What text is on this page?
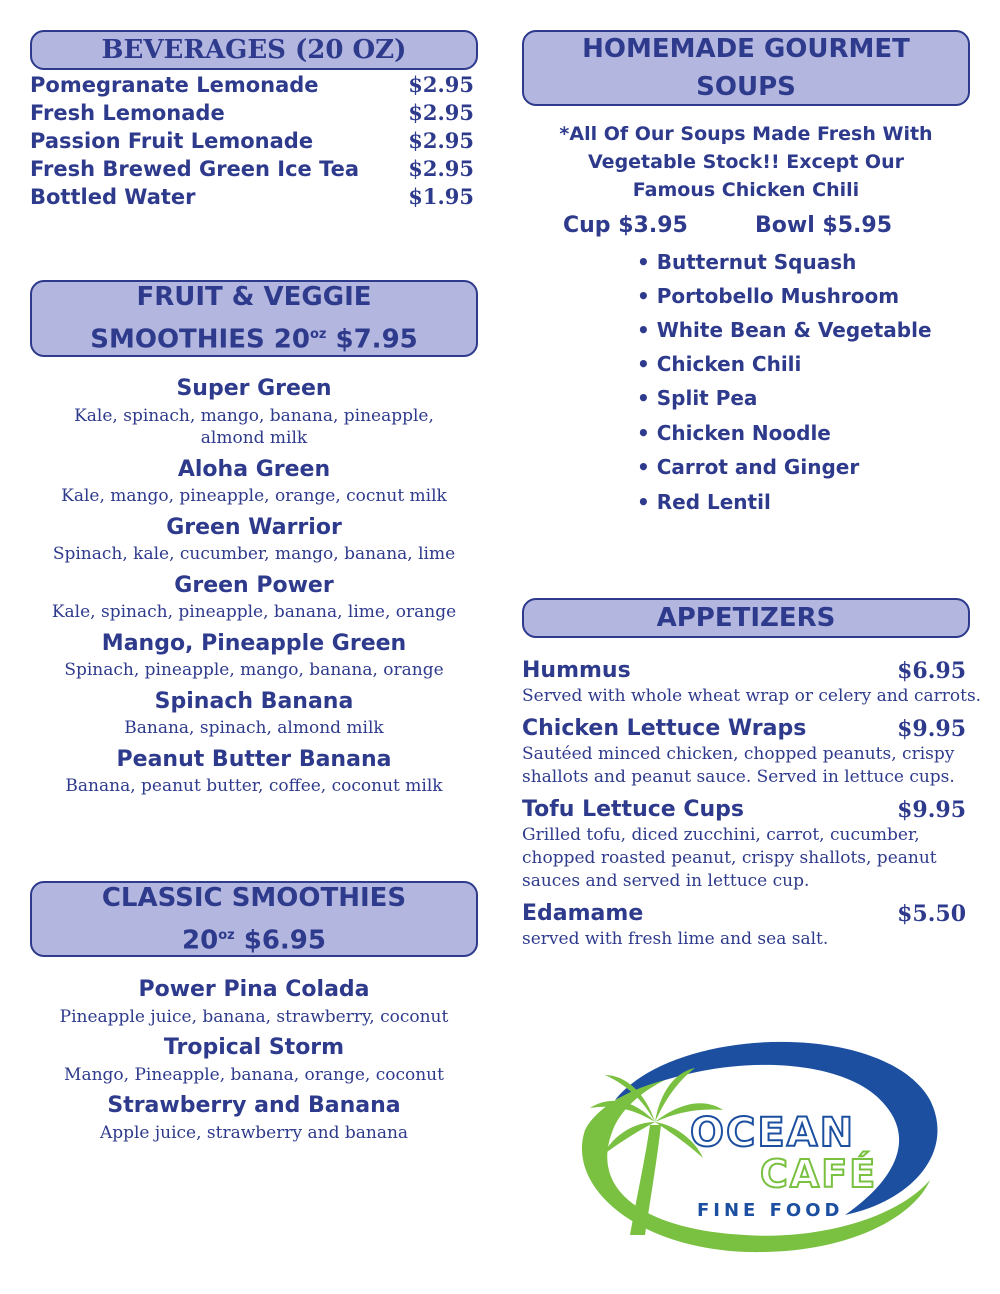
BEVERAGES (20 OZ)
Pomegranate Lemonade	$2.95
Fresh Lemonade	$2.95
Passion Fruit Lemonade	$2.95
Fresh Brewed Green Ice Tea	$2.95
Bottled Water	$1.95
FRUIT & VEGGIE
SMOOTHIES $20^{oz}$ $7.95
Super Green
Kale, spinach, mango, banana, pineapple,
almond milk
Aloha Green
Kale, mango, pineapple, orange, cocnut milk
Green Warrior
Spinach, kale, cucumber, mango, banana, lime
Green Power
Kale, spinach, pineapple, banana, lime, orange
Mango, Pineapple Green
Spinach, pineapple, mango, banana, orange
Spinach Banana
Banana, spinach, almond milk
Peanut Butter Banana
Banana, peanut butter, coffee, coconut milk
CLASSIC SMOOTHIES
$20^{oz}$ $6.95
Power Pina Colada
Pineapple juice, banana, strawberry, coconut
Tropical Storm
Mango, Pineapple, banana, orange, coconut
Strawberry and Banana
Apple juice, strawberry and banana
HOMEMADE GOURMET
SOUPS
*All Of Our Soups Made Fresh With
Vegetable Stock!! Except Our
Famous Chicken Chili
Cup $3.95	Bowl $5.95
• Butternut Squash
• Portobello Mushroom
• White Bean & Vegetable
• Chicken Chili
• Split Pea
• Chicken Noodle
• Carrot and Ginger
• Red Lentil
APPETIZERS
Hummus	$6.95
Served with whole wheat wrap or celery and carrots.
Chicken Lettuce Wraps	$9.95
Sautéed minced chicken, chopped peanuts, crispy
shallots and peanut sauce. Served in lettuce cups.
Tofu Lettuce Cups	$9.95
Grilled tofu, diced zucchini, carrot, cucumber,
chopped roasted peanut, crispy shallots, peanut
sauces and served in lettuce cup.
Edamame	$5.50
served with fresh lime and sea salt.
OCEAN
CAFÉ
FINE FOOD
